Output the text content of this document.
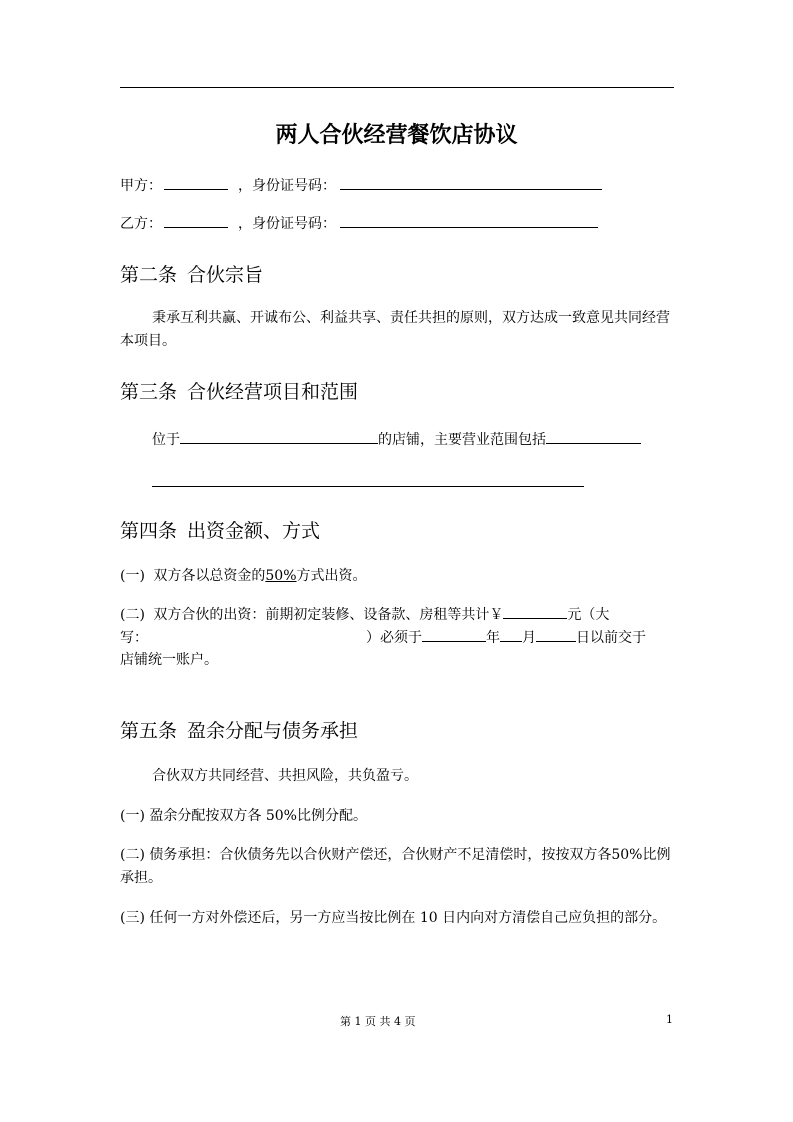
两人合伙经营餐饮店协议
甲方：	，身份证号码：
乙方：	，身份证号码：
第二条 合伙宗旨
秉承互利共赢、开诚布公、利益共享、责任共担的原则，双方达成一致意见共同经营本项目。
第三条 合伙经营项目和范围
位于	的店铺，主要营业范围包括
第四条 出资金额、方式
(一) 双方各以总资金的50%方式出资。
(二) 双方合伙的出资：前期初定装修、设备款、房租等共计￥	元（大
写：	）必须于	年 月	日以前交于
店铺统一账户。
第五条 盈余分配与债务承担
合伙双方共同经营、共担风险，共负盈亏。
(一) 盈余分配按双方各 50%比例分配。
(二) 债务承担：合伙债务先以合伙财产偿还，合伙财产不足清偿时，按按双方各50%比例承担。
(三) 任何一方对外偿还后，另一方应当按比例在 10 日内向对方清偿自己应负担的部分。
第 1 页 共 4 页	1
